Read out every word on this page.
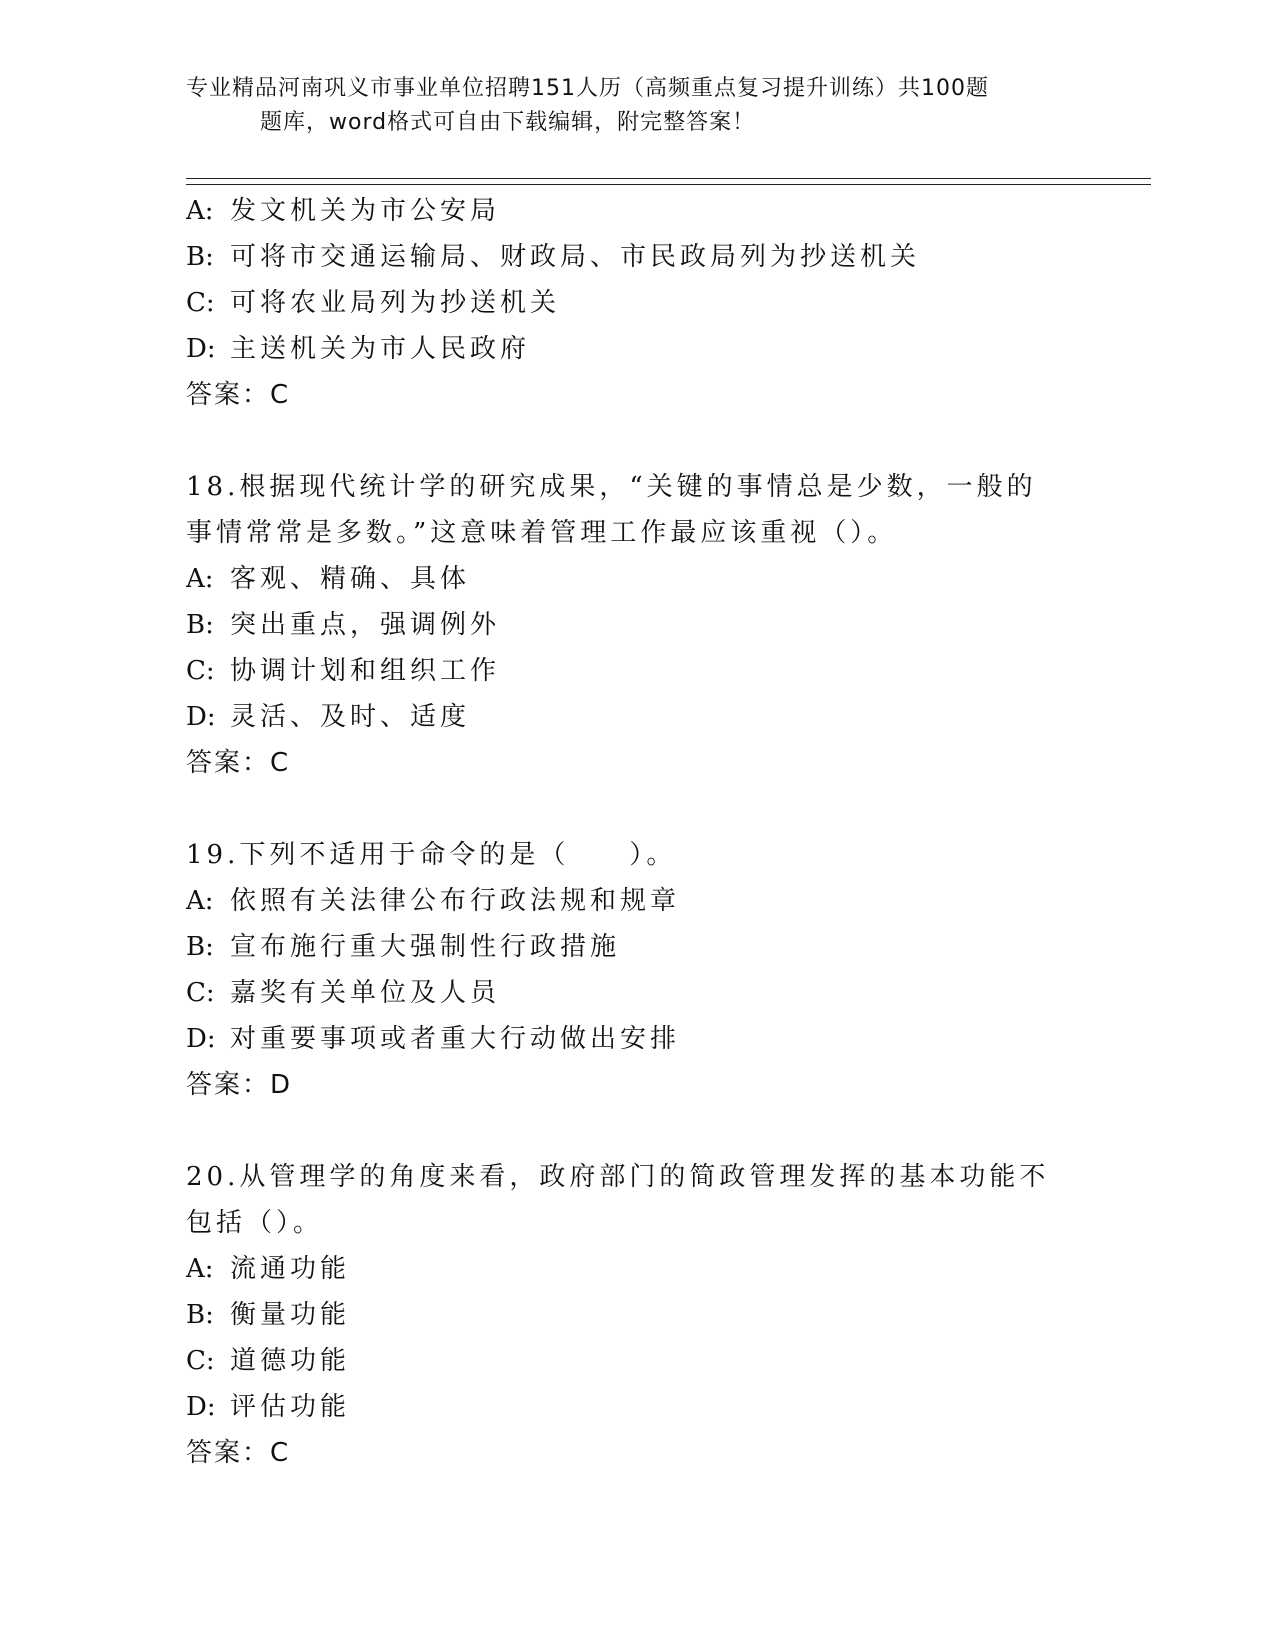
专业精品河南巩义市事业单位招聘151人历（高频重点复习提升训练）共100题
题库，word格式可自由下载编辑，附完整答案！
A: 发文机关为市公安局
B: 可将市交通运输局、财政局、市民政局列为抄送机关
C: 可将农业局列为抄送机关
D: 主送机关为市人民政府
答案：C
18.根据现代统计学的研究成果，“关键的事情总是少数，一般的事情常常是多数。”这意味着管理工作最应该重视（）。
A: 客观、精确、具体
B: 突出重点，强调例外
C: 协调计划和组织工作
D: 灵活、及时、适度
答案：C
19.下列不适用于命令的是（　　）。
A: 依照有关法律公布行政法规和规章
B: 宣布施行重大强制性行政措施
C: 嘉奖有关单位及人员
D: 对重要事项或者重大行动做出安排
答案：D
20.从管理学的角度来看，政府部门的简政管理发挥的基本功能不包括（）。
A: 流通功能
B: 衡量功能
C: 道德功能
D: 评估功能
答案：C
